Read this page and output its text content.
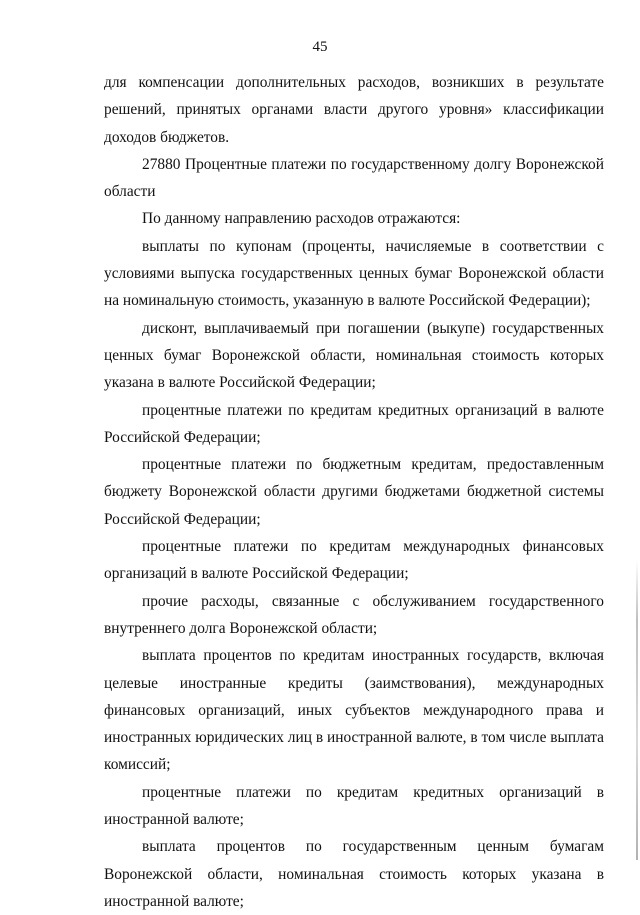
45

для компенсации дополнительных расходов, возникших в результате решений, принятых органами власти другого уровня» классификации доходов бюджетов.

27880 Процентные платежи по государственному долгу Воронежской области

По данному направлению расходов отражаются:

выплаты по купонам (проценты, начисляемые в соответствии с условиями выпуска государственных ценных бумаг Воронежской области на номинальную стоимость, указанную в валюте Российской Федерации);

дисконт, выплачиваемый при погашении (выкупе) государственных ценных бумаг Воронежской области, номинальная стоимость которых указана в валюте Российской Федерации;

процентные платежи по кредитам кредитных организаций в валюте Российской Федерации;

процентные платежи по бюджетным кредитам, предоставленным бюджету Воронежской области другими бюджетами бюджетной системы Российской Федерации;

процентные платежи по кредитам международных финансовых организаций в валюте Российской Федерации;

прочие расходы, связанные с обслуживанием государственного внутреннего долга Воронежской области;

выплата процентов по кредитам иностранных государств, включая целевые иностранные кредиты (заимствования), международных финансовых организаций, иных субъектов международного права и иностранных юридических лиц в иностранной валюте, в том числе выплата комиссий;

процентные платежи по кредитам кредитных организаций в иностранной валюте;

выплата процентов по государственным ценным бумагам Воронежской области, номинальная стоимость которых указана в иностранной валюте;
